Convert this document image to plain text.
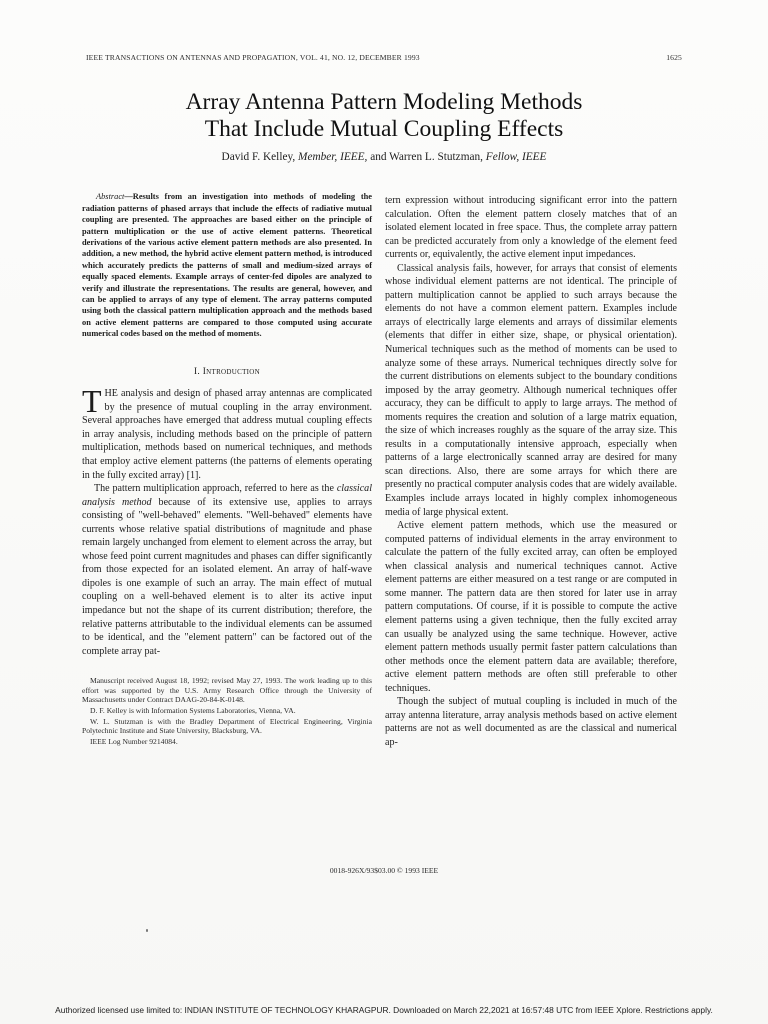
IEEE TRANSACTIONS ON ANTENNAS AND PROPAGATION, VOL. 41, NO. 12, DECEMBER 1993	1625
Array Antenna Pattern Modeling Methods
That Include Mutual Coupling Effects
David F. Kelley, Member, IEEE, and Warren L. Stutzman, Fellow, IEEE

Abstract—Results from an investigation into methods of modeling the radiation patterns of phased arrays that include the effects of radiative mutual coupling are presented. The approaches are based either on the principle of pattern multiplication or the use of active element patterns. Theoretical derivations of the various active element pattern methods are also presented. In addition, a new method, the hybrid active element pattern method, is introduced which accurately predicts the patterns of small and medium-sized arrays of equally spaced elements. Example arrays of center-fed dipoles are analyzed to verify and illustrate the representations. The results are general, however, and can be applied to arrays of any type of element. The array patterns computed using both the classical pattern multiplication approach and the methods based on active element patterns are compared to those computed using accurate numerical codes based on the method of moments.

I. Introduction

THE analysis and design of phased array antennas are complicated by the presence of mutual coupling in the array environment. Several approaches have emerged that address mutual coupling effects in array analysis, including methods based on the principle of pattern multiplication, methods based on numerical techniques, and methods that employ active element patterns (the patterns of elements operating in the fully excited array) [1].

The pattern multiplication approach, referred to here as the classical analysis method because of its extensive use, applies to arrays consisting of "well-behaved" elements. "Well-behaved" elements have currents whose relative spatial distributions of magnitude and phase remain largely unchanged from element to element across the array, but whose feed point current magnitudes and phases can differ significantly from those expected for an isolated element. An array of half-wave dipoles is one example of such an array. The main effect of mutual coupling on a well-behaved element is to alter its active input impedance but not the shape of its current distribution; therefore, the relative patterns attributable to the individual elements can be assumed to be identical, and the "element pattern" can be factored out of the complete array pat-

Manuscript received August 18, 1992; revised May 27, 1993. The work leading up to this effort was supported by the U.S. Army Research Office through the University of Massachusetts under Contract DAAG-20-84-K-0148.

D. F. Kelley is with Information Systems Laboratories, Vienna, VA.

W. L. Stutzman is with the Bradley Department of Electrical Engineering, Virginia Polytechnic Institute and State University, Blacksburg, VA.

IEEE Log Number 9214084.

tern expression without introducing significant error into the pattern calculation. Often the element pattern closely matches that of an isolated element located in free space. Thus, the complete array pattern can be predicted accurately from only a knowledge of the element feed currents or, equivalently, the active element input impedances.

Classical analysis fails, however, for arrays that consist of elements whose individual element patterns are not identical. The principle of pattern multiplication cannot be applied to such arrays because the elements do not have a common element pattern. Examples include arrays of electrically large elements and arrays of dissimilar elements (elements that differ in either size, shape, or physical orientation). Numerical techniques such as the method of moments can be used to analyze some of these arrays. Numerical techniques directly solve for the current distributions on elements subject to the boundary conditions imposed by the array geometry. Although numerical techniques offer accuracy, they can be difficult to apply to large arrays. The method of moments requires the creation and solution of a large matrix equation, the size of which increases roughly as the square of the array size. This results in a computationally intensive approach, especially when patterns of a large electronically scanned array are desired for many scan directions. Also, there are some arrays for which there are presently no practical computer analysis codes that are widely available. Examples include arrays located in highly complex inhomogeneous media of large physical extent.

Active element pattern methods, which use the measured or computed patterns of individual elements in the array environment to calculate the pattern of the fully excited array, can often be employed when classical analysis and numerical techniques cannot. Active element patterns are either measured on a test range or are computed in some manner. The pattern data are then stored for later use in array pattern computations. Of course, if it is possible to compute the active element patterns using a given technique, then the fully excited array can usually be analyzed using the same technique. However, active element pattern methods usually permit faster pattern calculations than other methods once the element pattern data are available; therefore, active element pattern methods are often still preferable to other techniques.

Though the subject of mutual coupling is included in much of the array antenna literature, array analysis methods based on active element patterns are not as well documented as are the classical and numerical ap-

0018-926X/93$03.00 © 1993 IEEE
Authorized licensed use limited to: INDIAN INSTITUTE OF TECHNOLOGY KHARAGPUR. Downloaded on March 22,2021 at 16:57:48 UTC from IEEE Xplore. Restrictions apply.
